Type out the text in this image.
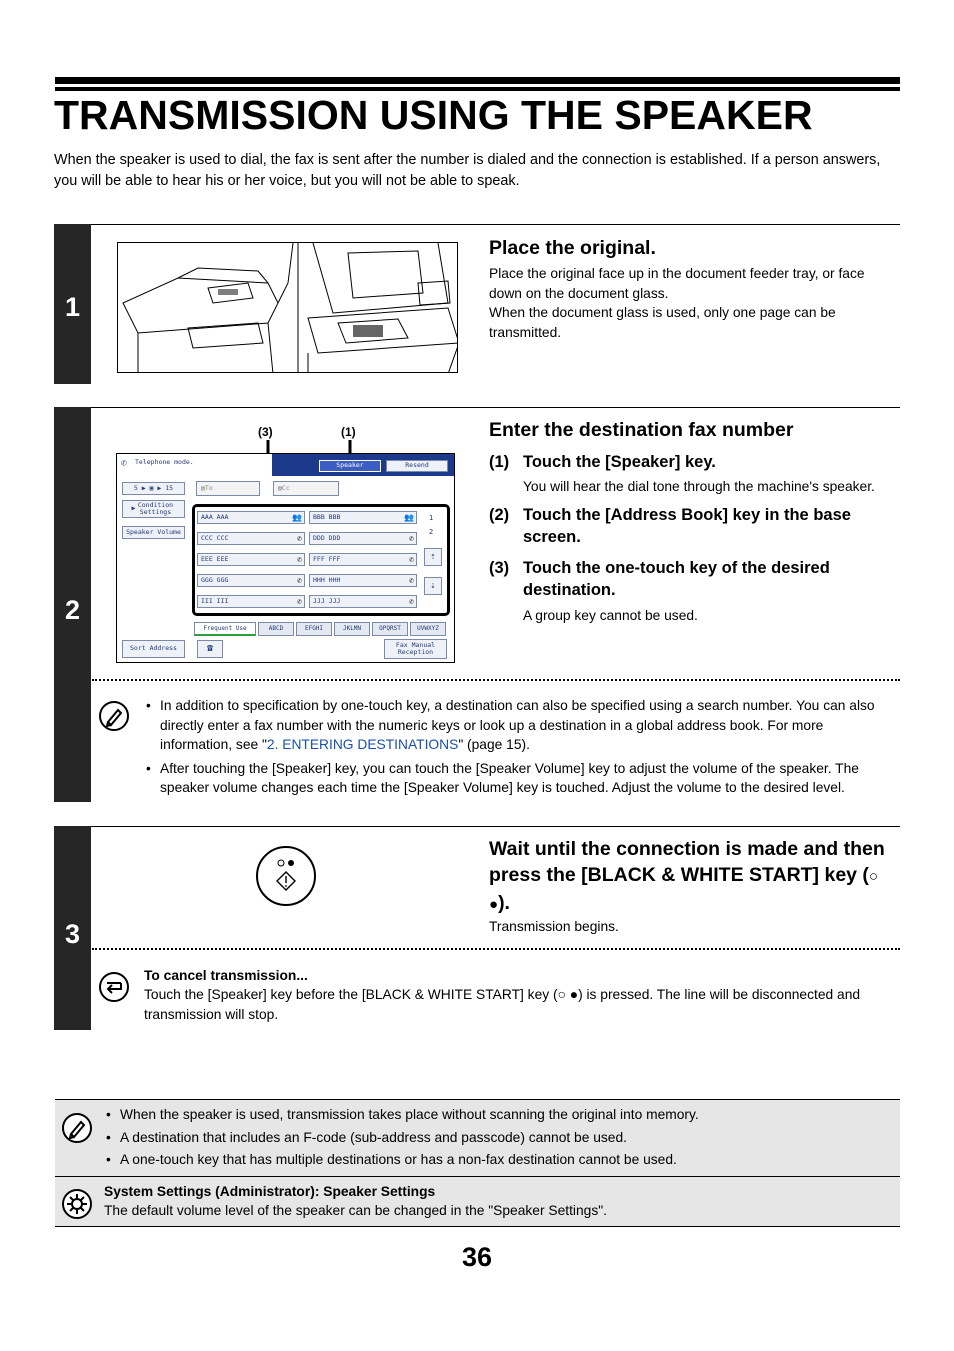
TRANSMISSION USING THE SPEAKER

When the speaker is used to dial, the fax is sent after the number is dialed and the connection is established. If a person answers, you will be able to hear his or her voice, but you will not be able to speak.

1
Place the original.
Place the original face up in the document feeder tray, or face down on the document glass.
When the document glass is used, only one page can be transmitted.
2
(3)	(1)
✆ Telephone mode.	Speaker	Resend
5 ▶ ▣ ▶ 15	▤ To	▤ Cc
▶ Condition Settings
Speaker Volume
AAA AAA	👥	BBB BBB	👥
CCC CCC	✆	DDD DDD	✆
EEE EEE	✆	FFF FFF	✆
GGG GGG	✆	HHH HHH	✆
III III	✆	JJJ JJJ	✆
1
2
⇡
⇣
Frequent Use	ABCD	EFGHI	JKLMN	OPQRST	UVWXYZ
Sort Address	☎	Fax Manual Reception
Enter the destination fax number
(1) Touch the [Speaker] key.
You will hear the dial tone through the machine's speaker.
(2) Touch the [Address Book] key in the base screen.
(3) Touch the one-touch key of the desired destination.
A group key cannot be used.
• In addition to specification by one-touch key, a destination can also be specified using a search number. You can also directly enter a fax number with the numeric keys or look up a destination in a global address book. For more information, see "2. ENTERING DESTINATIONS" (page 15).
• After touching the [Speaker] key, you can touch the [Speaker Volume] key to adjust the volume of the speaker. The speaker volume changes each time the [Speaker Volume] key is touched. Adjust the volume to the desired level.
3
Wait until the connection is made and then press the [BLACK & WHITE START] key (○ ●).
Transmission begins.
To cancel transmission...
Touch the [Speaker] key before the [BLACK & WHITE START] key (○ ●) is pressed. The line will be disconnected and transmission will stop.
• When the speaker is used, transmission takes place without scanning the original into memory.
• A destination that includes an F-code (sub-address and passcode) cannot be used.
• A one-touch key that has multiple destinations or has a non-fax destination cannot be used.
System Settings (Administrator): Speaker Settings
The default volume level of the speaker can be changed in the "Speaker Settings".
36
